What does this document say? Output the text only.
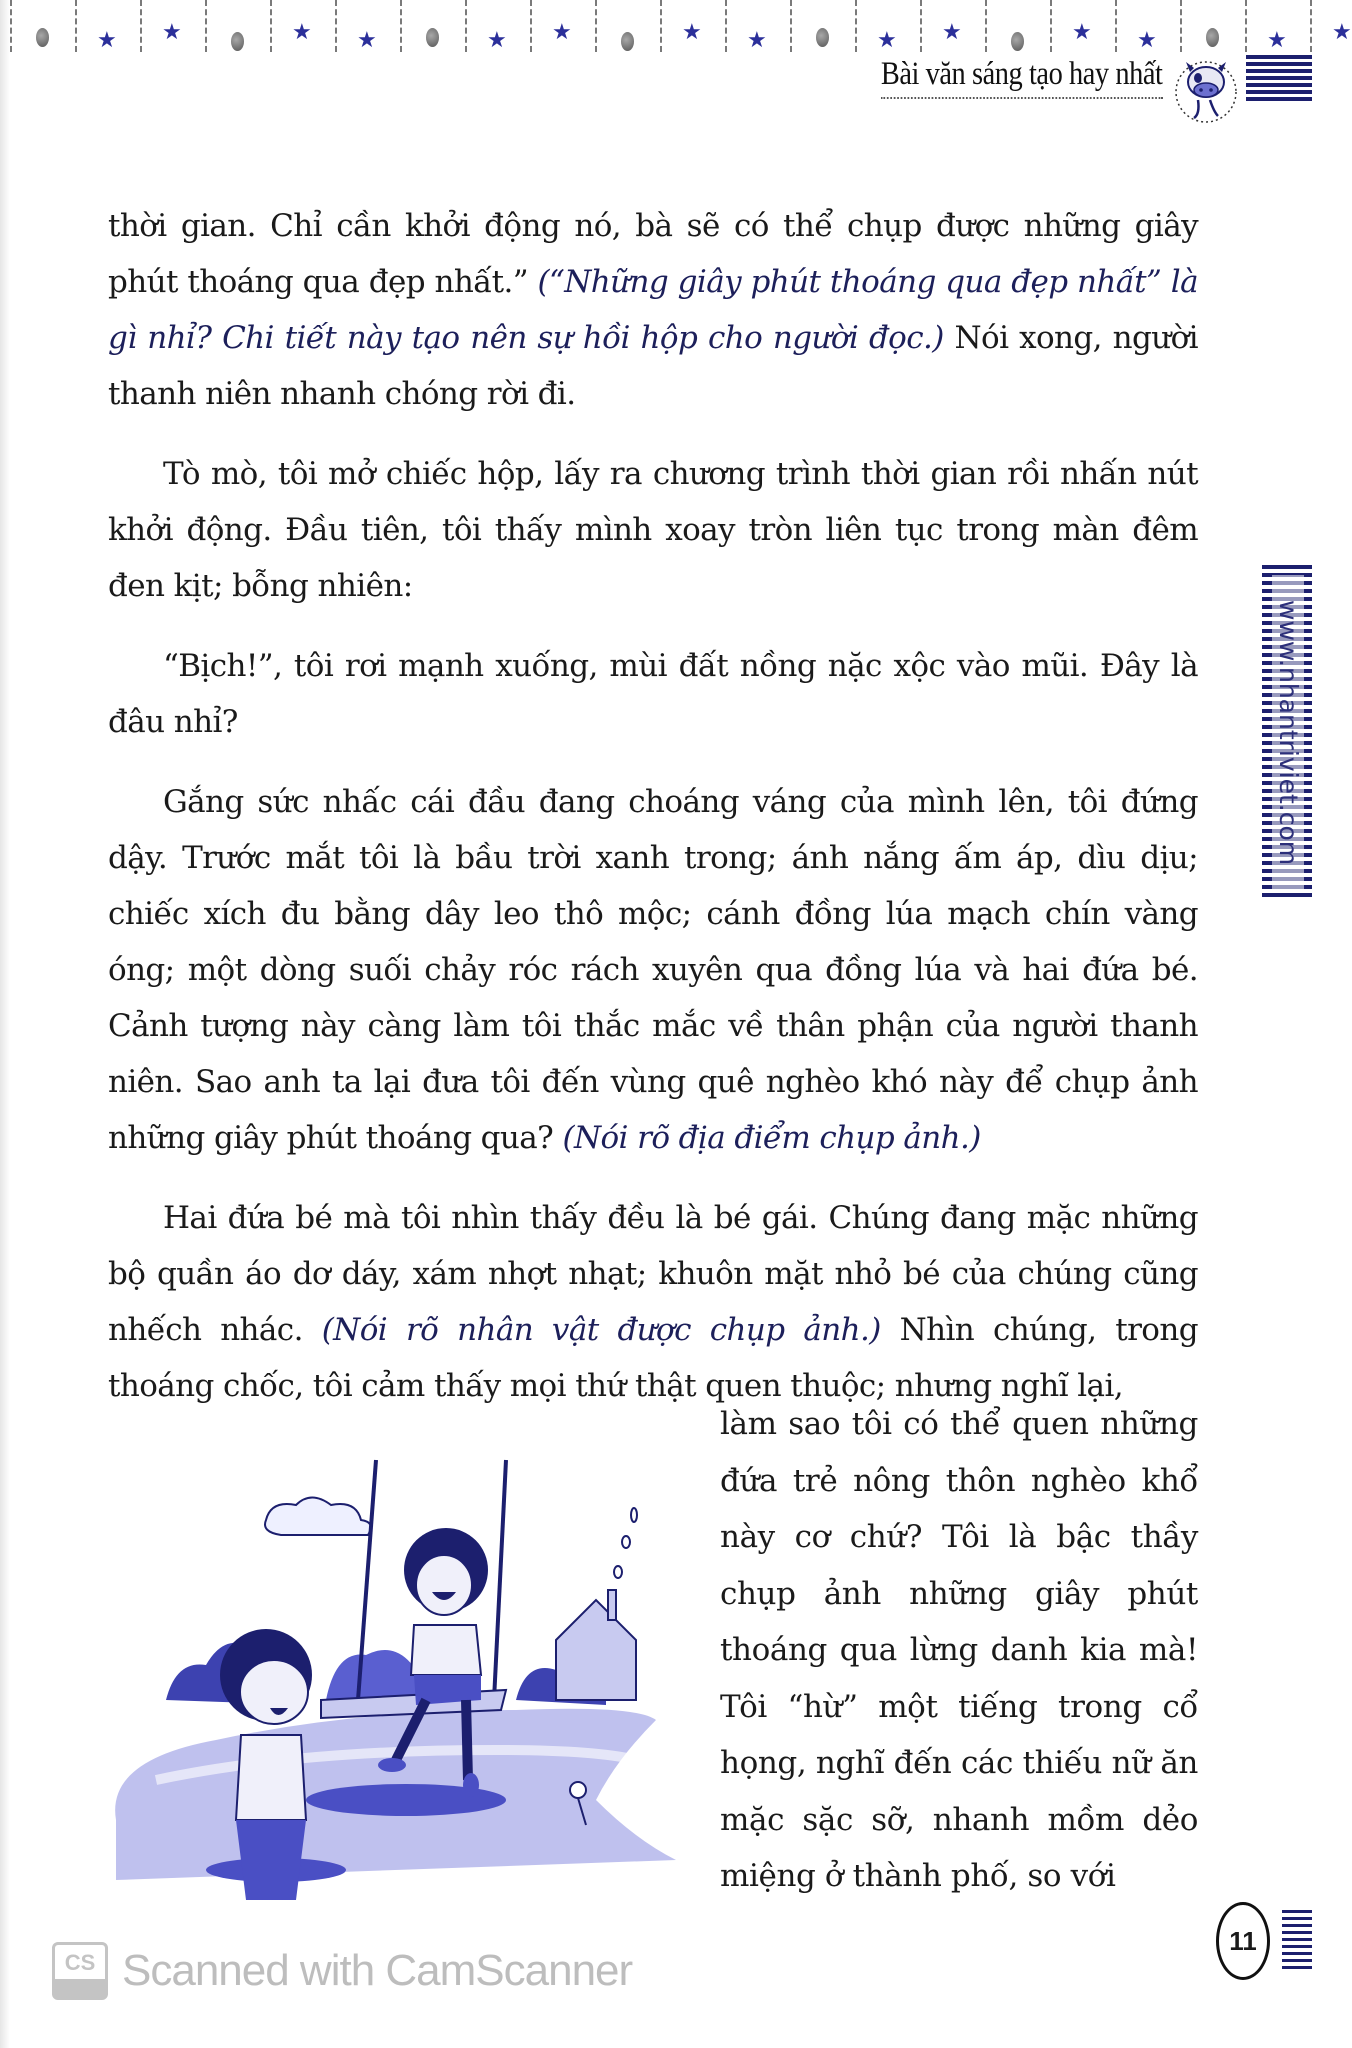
★ ★	★ ★	★ ★	★ ★	★ ★	★ ★	★ ★
Bài văn sáng tạo hay nhất
www.nhantriviet.com

thời gian. Chỉ cần khởi động nó, bà sẽ có thể chụp được những giây phút thoáng qua đẹp nhất.” (“Những giây phút thoáng qua đẹp nhất” là gì nhỉ? Chi tiết này tạo nên sự hồi hộp cho người đọc.) Nói xong, người thanh niên nhanh chóng rời đi.

Tò mò, tôi mở chiếc hộp, lấy ra chương trình thời gian rồi nhấn nút khởi động. Đầu tiên, tôi thấy mình xoay tròn liên tục trong màn đêm đen kịt; bỗng nhiên:

“Bịch!”, tôi rơi mạnh xuống, mùi đất nồng nặc xộc vào mũi. Đây là đâu nhỉ?

Gắng sức nhấc cái đầu đang choáng váng của mình lên, tôi đứng dậy. Trước mắt tôi là bầu trời xanh trong; ánh nắng ấm áp, dìu dịu; chiếc xích đu bằng dây leo thô mộc; cánh đồng lúa mạch chín vàng óng; một dòng suối chảy róc rách xuyên qua đồng lúa và hai đứa bé. Cảnh tượng này càng làm tôi thắc mắc về thân phận của người thanh niên. Sao anh ta lại đưa tôi đến vùng quê nghèo khó này để chụp ảnh những giây phút thoáng qua? (Nói rõ địa điểm chụp ảnh.)

Hai đứa bé mà tôi nhìn thấy đều là bé gái. Chúng đang mặc những bộ quần áo dơ dáy, xám nhợt nhạt; khuôn mặt nhỏ bé của chúng cũng nhếch nhác. (Nói rõ nhân vật được chụp ảnh.) Nhìn chúng, trong thoáng chốc, tôi cảm thấy mọi thứ thật quen thuộc; nhưng nghĩ lại,

làm sao tôi có thể quen những đứa trẻ nông thôn nghèo khổ này cơ chứ? Tôi là bậc thầy chụp ảnh những giây phút thoáng qua lừng danh kia mà! Tôi “hừ” một tiếng trong cổ họng, nghĩ đến các thiếu nữ ăn mặc sặc sỡ, nhanh mồm dẻo miệng ở thành phố, so với
11
CS Scanned with CamScanner
